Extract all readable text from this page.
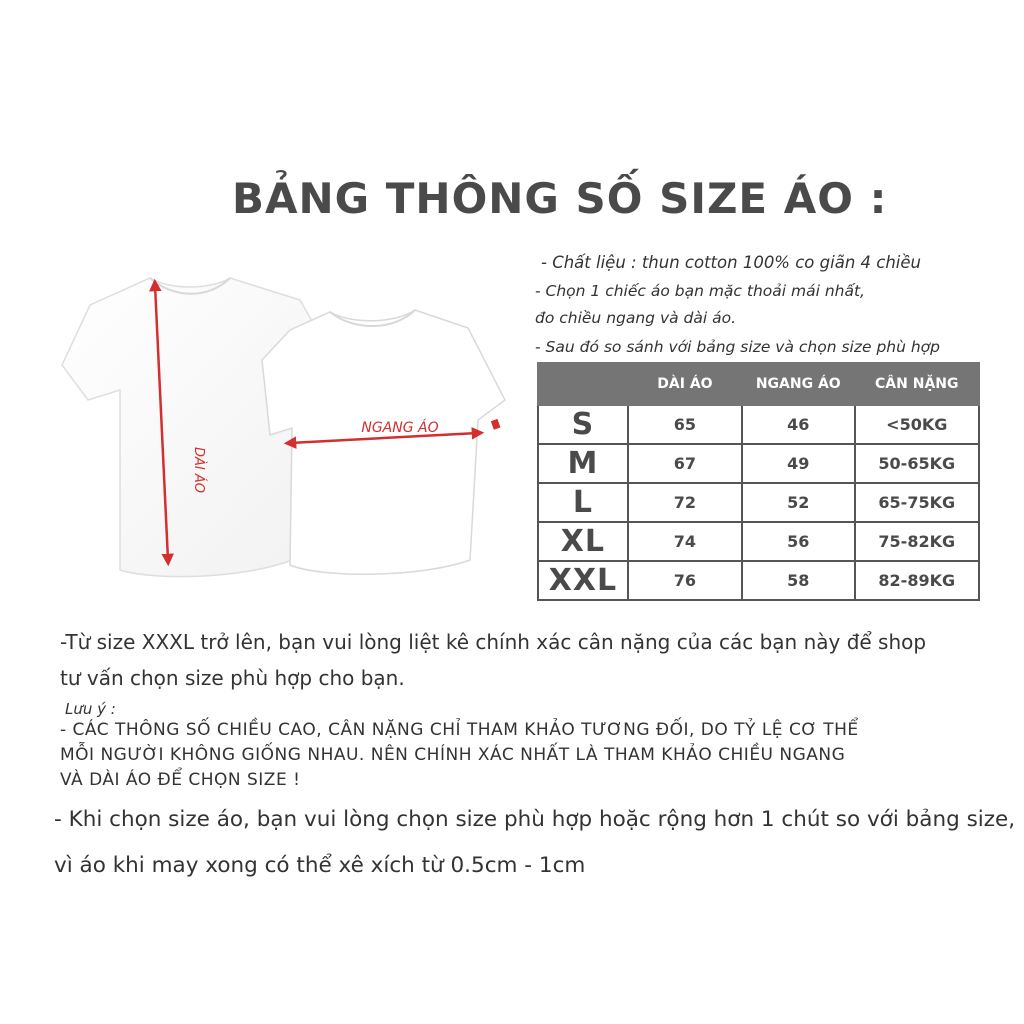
BẢNG THÔNG SỐ SIZE ÁO :
- Chất liệu : thun cotton 100% co giãn 4 chiều
- Chọn 1 chiếc áo bạn mặc thoải mái nhất,
đo chiều ngang và dài áo.
- Sau đó so sánh với bảng size và chọn size phù hợp
DÀI ÁO
NGANG ÁO
	DÀI ÁO	NGANG ÁO	CÂN NẶNG
S	65	46	<50KG
M	67	49	50-65KG
L	72	52	65-75KG
XL	74	56	75-82KG
XXL	76	58	82-89KG
-Từ size XXXL trở lên, bạn vui lòng liệt kê chính xác cân nặng của các bạn này để shop
tư vấn chọn size phù hợp cho bạn.
Lưu ý :
- CÁC THÔNG SỐ CHIỀU CAO, CÂN NẶNG CHỈ THAM KHẢO TƯƠNG ĐỐI, DO TỶ LỆ CƠ THỂ
MỖI NGƯỜI KHÔNG GIỐNG NHAU. NÊN CHÍNH XÁC NHẤT LÀ THAM KHẢO CHIỀU NGANG
VÀ DÀI ÁO ĐỂ CHỌN SIZE !
- Khi chọn size áo, bạn vui lòng chọn size phù hợp hoặc rộng hơn 1 chút so với bảng size,
vì áo khi may xong có thể xê xích từ 0.5cm - 1cm
